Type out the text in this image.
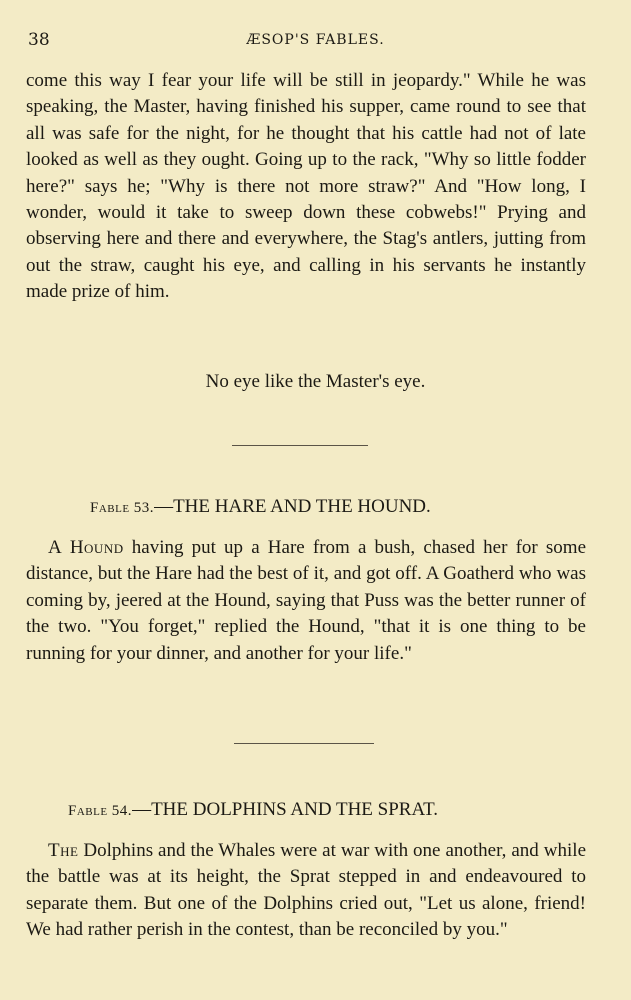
38	ÆSOP'S FABLES.

come this way I fear your life will be still in jeopardy." While he was speaking, the Master, having finished his supper, came round to see that all was safe for the night, for he thought that his cattle had not of late looked as well as they ought. Going up to the rack, "Why so little fodder here?" says he; "Why is there not more straw?" And "How long, I wonder, would it take to sweep down these cobwebs!" Prying and observing here and there and everywhere, the Stag's antlers, jutting from out the straw, caught his eye, and calling in his servants he instantly made prize of him.

No eye like the Master's eye.
Fable 53.—THE HARE AND THE HOUND.

A Hound having put up a Hare from a bush, chased her for some distance, but the Hare had the best of it, and got off. A Goatherd who was coming by, jeered at the Hound, saying that Puss was the better runner of the two. "You forget," replied the Hound, "that it is one thing to be running for your dinner, and another for your life."

Fable 54.—THE DOLPHINS AND THE SPRAT.

The Dolphins and the Whales were at war with one another, and while the battle was at its height, the Sprat stepped in and endeavoured to separate them. But one of the Dolphins cried out, "Let us alone, friend! We had rather perish in the contest, than be reconciled by you."
